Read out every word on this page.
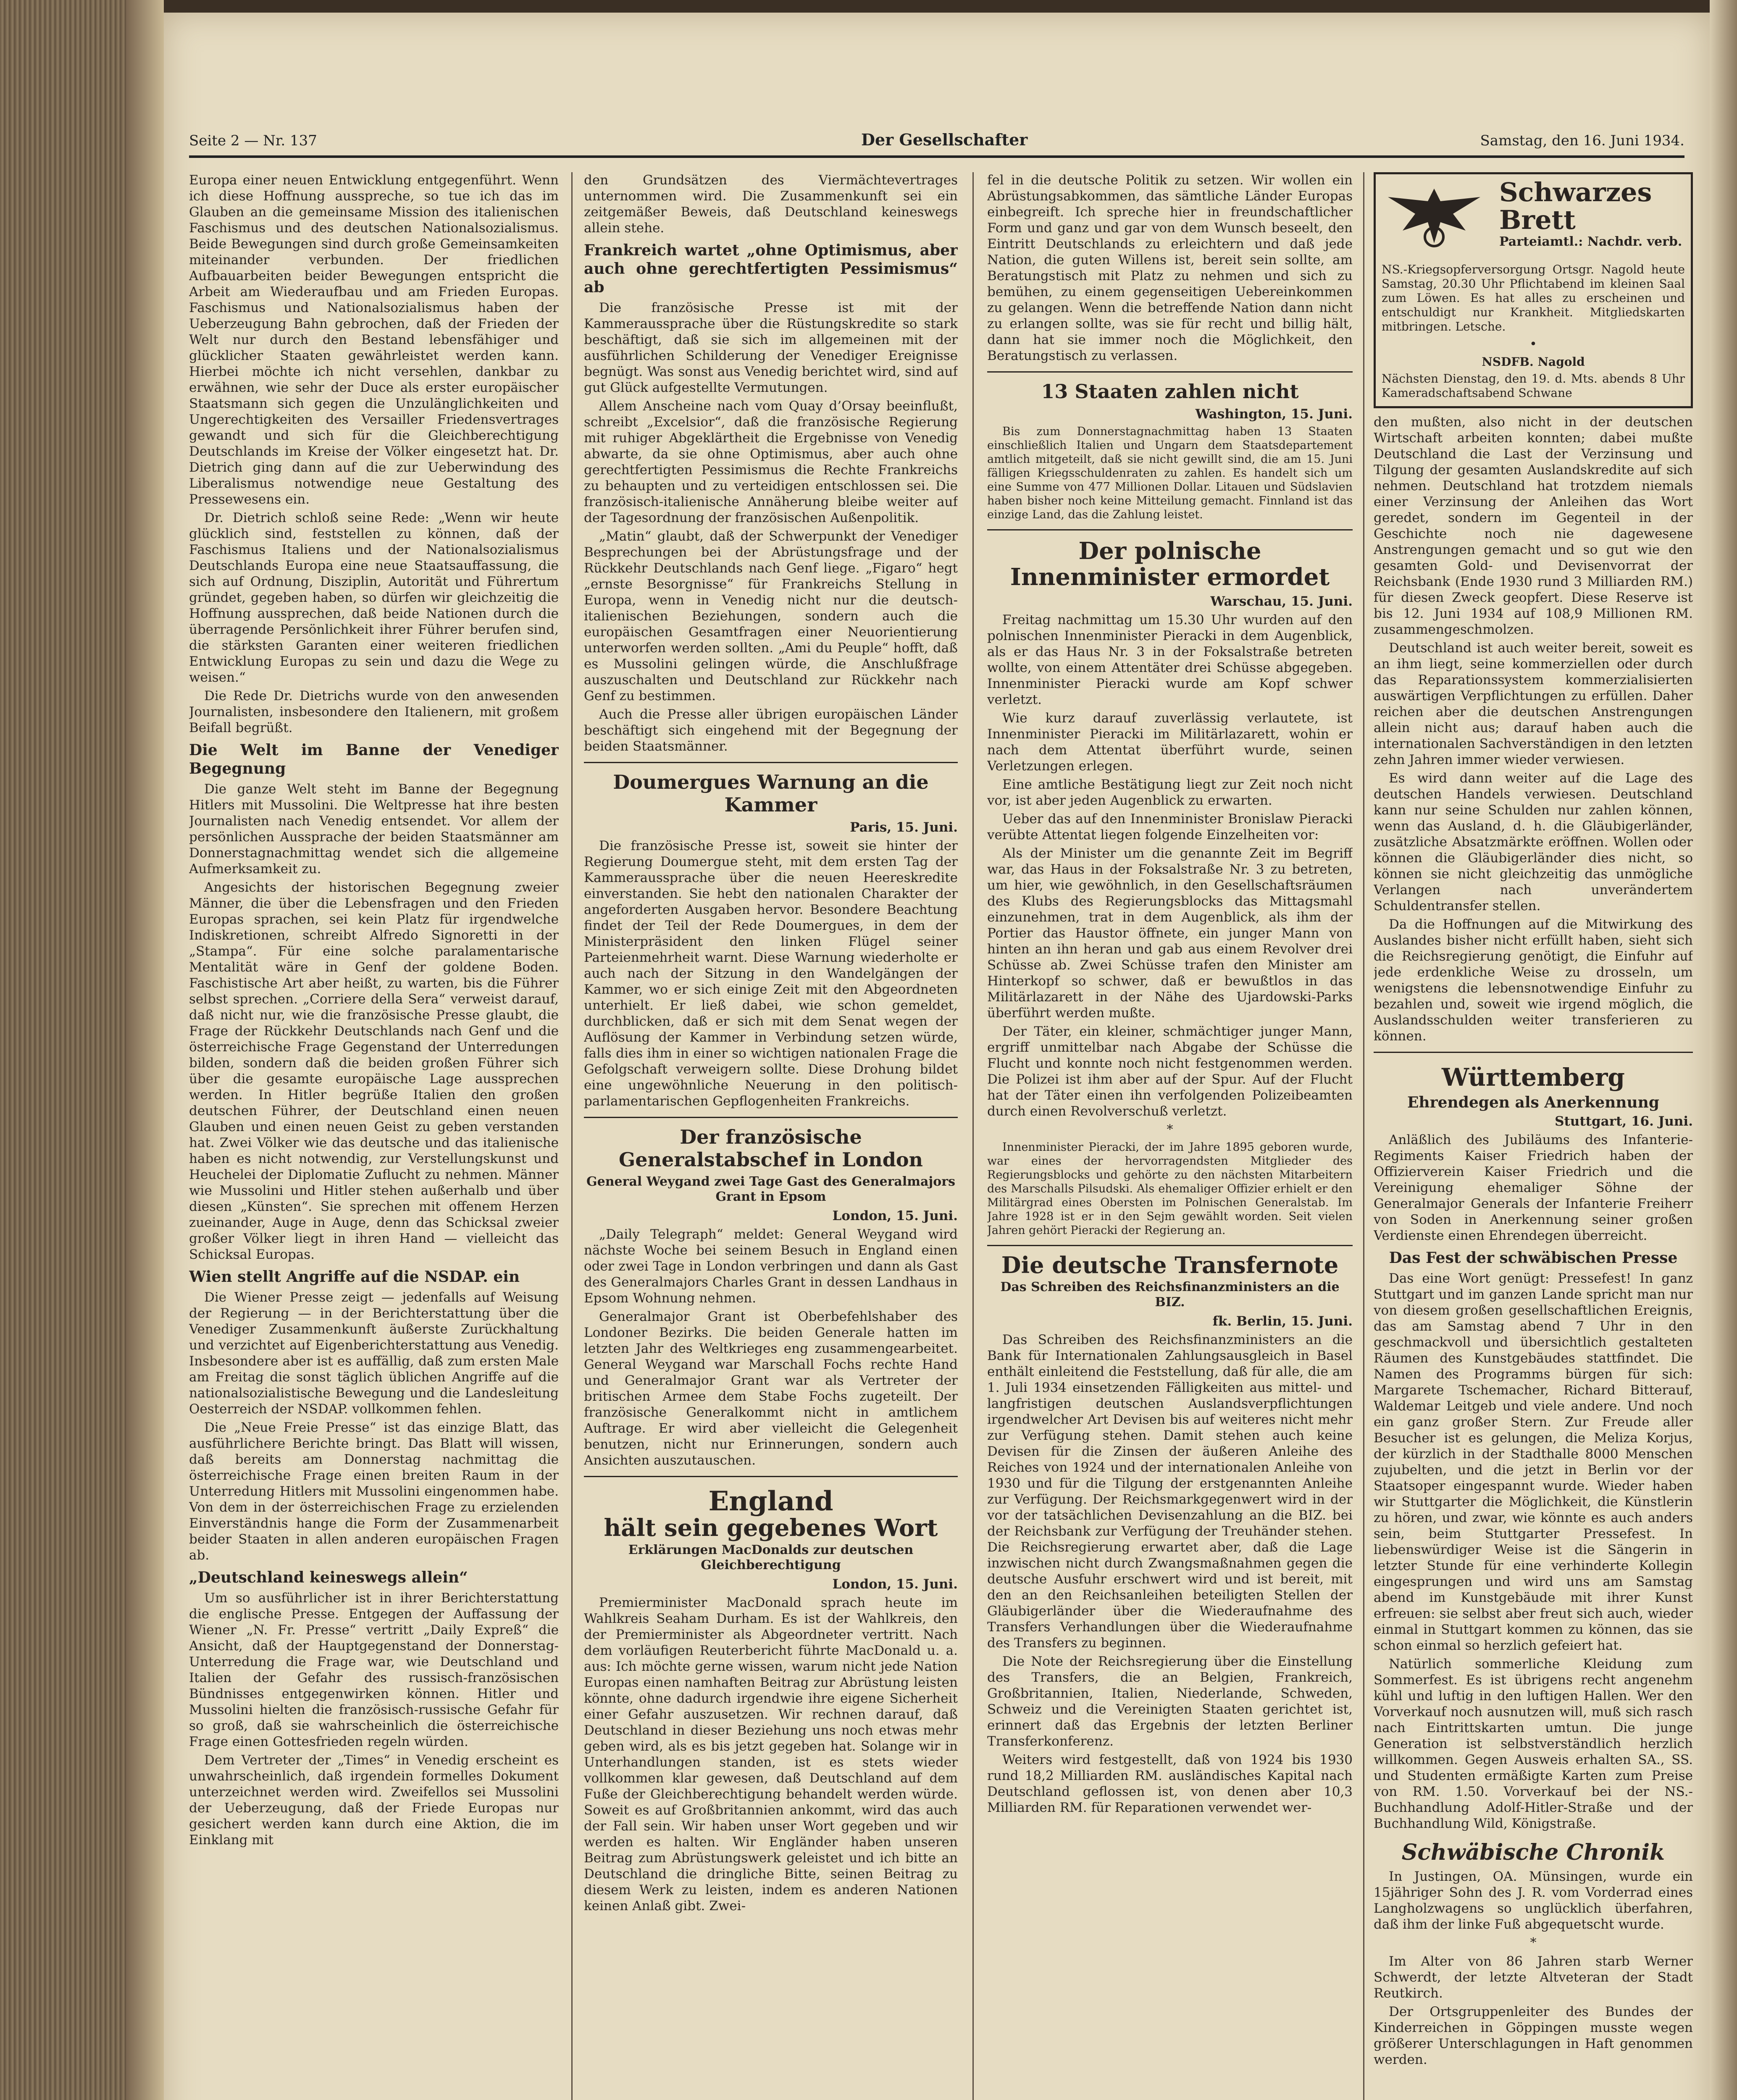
Seite 2 — Nr. 137	Der Gesellschafter	Samstag, den 16. Juni 1934.

Europa einer neuen Entwicklung entgegenführt. Wenn ich diese Hoffnung ausspreche, so tue ich das im Glauben an die gemeinsame Mission des italienischen Faschismus und des deutschen Nationalsozialismus. Beide Bewegungen sind durch große Gemeinsamkeiten miteinander verbunden. Der friedlichen Aufbauarbeiten beider Bewegungen entspricht die Arbeit am Wiederaufbau und am Frieden Europas. Faschismus und Nationalsozialismus haben der Ueberzeugung Bahn gebrochen, daß der Frieden der Welt nur durch den Bestand lebensfähiger und glücklicher Staaten gewährleistet werden kann. Hierbei möchte ich nicht versehlen, dankbar zu erwähnen, wie sehr der Duce als erster europäischer Staatsmann sich gegen die Unzulänglichkeiten und Ungerechtigkeiten des Versailler Friedensvertrages gewandt und sich für die Gleichberechtigung Deutschlands im Kreise der Völker eingesetzt hat. Dr. Dietrich ging dann auf die zur Ueberwindung des Liberalismus notwendige neue Gestaltung des Pressewesens ein.

Dr. Dietrich schloß seine Rede: „Wenn wir heute glücklich sind, feststellen zu können, daß der Faschismus Italiens und der Nationalsozialismus Deutschlands Europa eine neue Staatsauffassung, die sich auf Ordnung, Disziplin, Autorität und Führertum gründet, gegeben haben, so dürfen wir gleichzeitig die Hoffnung aussprechen, daß beide Nationen durch die überragende Persönlichkeit ihrer Führer berufen sind, die stärksten Garanten einer weiteren friedlichen Entwicklung Europas zu sein und dazu die Wege zu weisen.“

Die Rede Dr. Dietrichs wurde von den anwesenden Journalisten, insbesondere den Italienern, mit großem Beifall begrüßt.

Die Welt im Banne der Venediger Begegnung

Die ganze Welt steht im Banne der Begegnung Hitlers mit Mussolini. Die Weltpresse hat ihre besten Journalisten nach Venedig entsendet. Vor allem der persönlichen Aussprache der beiden Staatsmänner am Donnerstagnachmittag wendet sich die allgemeine Aufmerksamkeit zu.

Angesichts der historischen Begegnung zweier Männer, die über die Lebensfragen und den Frieden Europas sprachen, sei kein Platz für irgendwelche Indiskretionen, schreibt Alfredo Signoretti in der „Stampa“. Für eine solche paralamentarische Mentalität wäre in Genf der goldene Boden. Faschistische Art aber heißt, zu warten, bis die Führer selbst sprechen. „Corriere della Sera“ verweist darauf, daß nicht nur, wie die französische Presse glaubt, die Frage der Rückkehr Deutschlands nach Genf und die österreichische Frage Gegenstand der Unterredungen bilden, sondern daß die beiden großen Führer sich über die gesamte europäische Lage aussprechen werden. In Hitler begrüße Italien den großen deutschen Führer, der Deutschland einen neuen Glauben und einen neuen Geist zu geben verstanden hat. Zwei Völker wie das deutsche und das italienische haben es nicht notwendig, zur Verstellungskunst und Heuchelei der Diplomatie Zuflucht zu nehmen. Männer wie Mussolini und Hitler stehen außerhalb und über diesen „Künsten“. Sie sprechen mit offenem Herzen zueinander, Auge in Auge, denn das Schicksal zweier großer Völker liegt in ihren Hand — vielleicht das Schicksal Europas.

Wien stellt Angriffe auf die NSDAP. ein

Die Wiener Presse zeigt — jedenfalls auf Weisung der Regierung — in der Berichterstattung über die Venediger Zusammenkunft äußerste Zurückhaltung und verzichtet auf Eigenberichterstattung aus Venedig. Insbesondere aber ist es auffällig, daß zum ersten Male am Freitag die sonst täglich üblichen Angriffe auf die nationalsozialistische Bewegung und die Landesleitung Oesterreich der NSDAP. vollkommen fehlen.

Die „Neue Freie Presse“ ist das einzige Blatt, das ausführlichere Berichte bringt. Das Blatt will wissen, daß bereits am Donnerstag nachmittag die österreichische Frage einen breiten Raum in der Unterredung Hitlers mit Mussolini eingenommen habe. Von dem in der österreichischen Frage zu erzielenden Einverständnis hange die Form der Zusammenarbeit beider Staaten in allen anderen europäischen Fragen ab.

„Deutschland keineswegs allein“

Um so ausführlicher ist in ihrer Berichterstattung die englische Presse. Entgegen der Auffassung der Wiener „N. Fr. Presse“ vertritt „Daily Expreß“ die Ansicht, daß der Hauptgegenstand der Donnerstag-Unterredung die Frage war, wie Deutschland und Italien der Gefahr des russisch-französischen Bündnisses entgegenwirken können. Hitler und Mussolini hielten die französisch-russische Gefahr für so groß, daß sie wahrscheinlich die österreichische Frage einen Gottesfrieden regeln würden.

Dem Vertreter der „Times“ in Venedig erscheint es unwahrscheinlich, daß irgendein formelles Dokument unterzeichnet werden wird. Zweifellos sei Mussolini der Ueberzeugung, daß der Friede Europas nur gesichert werden kann durch eine Aktion, die im Einklang mit

den Grundsätzen des Viermächtevertrages unternommen wird. Die Zusammenkunft sei ein zeitgemäßer Beweis, daß Deutschland keineswegs allein stehe.

Frankreich wartet „ohne Optimismus, aber auch ohne gerechtfertigten Pessimismus“ ab

Die französische Presse ist mit der Kammeraussprache über die Rüstungskredite so stark beschäftigt, daß sie sich im allgemeinen mit der ausführlichen Schilderung der Venediger Ereignisse begnügt. Was sonst aus Venedig berichtet wird, sind auf gut Glück aufgestellte Vermutungen.

Allem Anscheine nach vom Quay d’Orsay beeinflußt, schreibt „Excelsior“, daß die französische Regierung mit ruhiger Abgeklärtheit die Ergebnisse von Venedig abwarte, da sie ohne Optimismus, aber auch ohne gerechtfertigten Pessimismus die Rechte Frankreichs zu behaupten und zu verteidigen entschlossen sei. Die französisch-italienische Annäherung bleibe weiter auf der Tagesordnung der französischen Außenpolitik.

„Matin“ glaubt, daß der Schwerpunkt der Venediger Besprechungen bei der Abrüstungsfrage und der Rückkehr Deutschlands nach Genf liege. „Figaro“ hegt „ernste Besorgnisse“ für Frankreichs Stellung in Europa, wenn in Venedig nicht nur die deutsch-italienischen Beziehungen, sondern auch die europäischen Gesamtfragen einer Neuorientierung unterworfen werden sollten. „Ami du Peuple“ hofft, daß es Mussolini gelingen würde, die Anschlußfrage auszuschalten und Deutschland zur Rückkehr nach Genf zu bestimmen.

Auch die Presse aller übrigen europäischen Länder beschäftigt sich eingehend mit der Begegnung der beiden Staatsmänner.

Doumergues Warnung an die Kammer
Paris, 15. Juni.

Die französische Presse ist, soweit sie hinter der Regierung Doumergue steht, mit dem ersten Tag der Kammeraussprache über die neuen Heereskredite einverstanden. Sie hebt den nationalen Charakter der angeforderten Ausgaben hervor. Besondere Beachtung findet der Teil der Rede Doumergues, in dem der Ministerpräsident den linken Flügel seiner Parteienmehrheit warnt. Diese Warnung wiederholte er auch nach der Sitzung in den Wandelgängen der Kammer, wo er sich einige Zeit mit den Abgeordneten unterhielt. Er ließ dabei, wie schon gemeldet, durchblicken, daß er sich mit dem Senat wegen der Auflösung der Kammer in Verbindung setzen würde, falls dies ihm in einer so wichtigen nationalen Frage die Gefolgschaft verweigern sollte. Diese Drohung bildet eine ungewöhnliche Neuerung in den politisch-parlamentarischen Gepflogenheiten Frankreichs.

Der französische Generalstabschef in London
General Weygand zwei Tage Gast des Generalmajors Grant in Epsom
London, 15. Juni.

„Daily Telegraph“ meldet: General Weygand wird nächste Woche bei seinem Besuch in England einen oder zwei Tage in London verbringen und dann als Gast des Generalmajors Charles Grant in dessen Landhaus in Epsom Wohnung nehmen.

Generalmajor Grant ist Oberbefehlshaber des Londoner Bezirks. Die beiden Generale hatten im letzten Jahr des Weltkrieges eng zusammengearbeitet. General Weygand war Marschall Fochs rechte Hand und Generalmajor Grant war als Vertreter der britischen Armee dem Stabe Fochs zugeteilt. Der französische Generalkommt nicht in amtlichem Auftrage. Er wird aber vielleicht die Gelegenheit benutzen, nicht nur Erinnerungen, sondern auch Ansichten auszutauschen.

England
hält sein gegebenes Wort
Erklärungen MacDonalds zur deutschen Gleichberechtigung
London, 15. Juni.

Premierminister MacDonald sprach heute im Wahlkreis Seaham Durham. Es ist der Wahlkreis, den der Premierminister als Abgeordneter vertritt. Nach dem vorläufigen Reuterbericht führte MacDonald u. a. aus: Ich möchte gerne wissen, warum nicht jede Nation Europas einen namhaften Beitrag zur Abrüstung leisten könnte, ohne dadurch irgendwie ihre eigene Sicherheit einer Gefahr auszusetzen. Wir rechnen darauf, daß Deutschland in dieser Beziehung uns noch etwas mehr geben wird, als es bis jetzt gegeben hat. Solange wir in Unterhandlungen standen, ist es stets wieder vollkommen klar gewesen, daß Deutschland auf dem Fuße der Gleichberechtigung behandelt werden würde. Soweit es auf Großbritannien ankommt, wird das auch der Fall sein. Wir haben unser Wort gegeben und wir werden es halten. Wir Engländer haben unseren Beitrag zum Abrüstungswerk geleistet und ich bitte an Deutschland die dringliche Bitte, seinen Beitrag zu diesem Werk zu leisten, indem es anderen Nationen keinen Anlaß gibt. Zwei-

fel in die deutsche Politik zu setzen. Wir wollen ein Abrüstungsabkommen, das sämtliche Länder Europas einbegreift. Ich spreche hier in freundschaftlicher Form und ganz und gar von dem Wunsch beseelt, den Eintritt Deutschlands zu erleichtern und daß jede Nation, die guten Willens ist, bereit sein sollte, am Beratungstisch mit Platz zu nehmen und sich zu bemühen, zu einem gegenseitigen Uebereinkommen zu gelangen. Wenn die betreffende Nation dann nicht zu erlangen sollte, was sie für recht und billig hält, dann hat sie immer noch die Möglichkeit, den Beratungstisch zu verlassen.

13 Staaten zahlen nicht
Washington, 15. Juni.

Bis zum Donnerstagnachmittag haben 13 Staaten einschließlich Italien und Ungarn dem Staatsdepartement amtlich mitgeteilt, daß sie nicht gewillt sind, die am 15. Juni fälligen Kriegsschuldenraten zu zahlen. Es handelt sich um eine Summe von 477 Millionen Dollar. Litauen und Südslavien haben bisher noch keine Mitteilung gemacht. Finnland ist das einzige Land, das die Zahlung leistet.

Der polnische Innenminister ermordet
Warschau, 15. Juni.

Freitag nachmittag um 15.30 Uhr wurden auf den polnischen Innenminister Pieracki in dem Augenblick, als er das Haus Nr. 3 in der Foksalstraße betreten wollte, von einem Attentäter drei Schüsse abgegeben. Innenminister Pieracki wurde am Kopf schwer verletzt.

Wie kurz darauf zuverlässig verlautete, ist Innenminister Pieracki im Militärlazarett, wohin er nach dem Attentat überführt wurde, seinen Verletzungen erlegen.

Eine amtliche Bestätigung liegt zur Zeit noch nicht vor, ist aber jeden Augenblick zu erwarten.

Ueber das auf den Innenminister Bronislaw Pieracki verübte Attentat liegen folgende Einzelheiten vor:

Als der Minister um die genannte Zeit im Begriff war, das Haus in der Foksalstraße Nr. 3 zu betreten, um hier, wie gewöhnlich, in den Gesellschaftsräumen des Klubs des Regierungsblocks das Mittagsmahl einzunehmen, trat in dem Augenblick, als ihm der Portier das Haustor öffnete, ein junger Mann von hinten an ihn heran und gab aus einem Revolver drei Schüsse ab. Zwei Schüsse trafen den Minister am Hinterkopf so schwer, daß er bewußtlos in das Militärlazarett in der Nähe des Ujardowski-Parks überführt werden mußte.

Der Täter, ein kleiner, schmächtiger junger Mann, ergriff unmittelbar nach Abgabe der Schüsse die Flucht und konnte noch nicht festgenommen werden. Die Polizei ist ihm aber auf der Spur. Auf der Flucht hat der Täter einen ihn verfolgenden Polizeibeamten durch einen Revolverschuß verletzt.

*

Innenminister Pieracki, der im Jahre 1895 geboren wurde, war eines der hervorragendsten Mitglieder des Regierungsblocks und gehörte zu den nächsten Mitarbeitern des Marschalls Pilsudski. Als ehemaliger Offizier erhielt er den Militärgrad eines Obersten im Polnischen Generalstab. Im Jahre 1928 ist er in den Sejm gewählt worden. Seit vielen Jahren gehört Pieracki der Regierung an.

Die deutsche Transfernote
Das Schreiben des Reichsfinanzministers an die BIZ.
fk. Berlin, 15. Juni.

Das Schreiben des Reichsfinanzministers an die Bank für Internationalen Zahlungsausgleich in Basel enthält einleitend die Feststellung, daß für alle, die am 1. Juli 1934 einsetzenden Fälligkeiten aus mittel- und langfristigen deutschen Auslandsverpflichtungen irgendwelcher Art Devisen bis auf weiteres nicht mehr zur Verfügung stehen. Damit stehen auch keine Devisen für die Zinsen der äußeren Anleihe des Reiches von 1924 und der internationalen Anleihe von 1930 und für die Tilgung der erstgenannten Anleihe zur Verfügung. Der Reichsmarkgegenwert wird in der vor der tatsächlichen Devisenzahlung an die BIZ. bei der Reichsbank zur Verfügung der Treuhänder stehen. Die Reichsregierung erwartet aber, daß die Lage inzwischen nicht durch Zwangsmaßnahmen gegen die deutsche Ausfuhr erschwert wird und ist bereit, mit den an den Reichsanleihen beteiligten Stellen der Gläubigerländer über die Wiederaufnahme des Transfers Verhandlungen über die Wiederaufnahme des Transfers zu beginnen.

Die Note der Reichsregierung über die Einstellung des Transfers, die an Belgien, Frankreich, Großbritannien, Italien, Niederlande, Schweden, Schweiz und die Vereinigten Staaten gerichtet ist, erinnert daß das Ergebnis der letzten Berliner Transferkonferenz.

Weiters wird festgestellt, daß von 1924 bis 1930 rund 18,2 Milliarden RM. ausländisches Kapital nach Deutschland geflossen ist, von denen aber 10,3 Milliarden RM. für Reparationen verwendet wer-

Schwarzes Brett
Parteiamtl.: Nachdr. verb.
NS.-Kriegsopferversorgung Ortsgr. Nagold heute Samstag, 20.30 Uhr Pflichtabend im kleinen Saal zum Löwen. Es hat alles zu erscheinen und entschuldigt nur Krankheit. Mitgliedskarten mitbringen. Letsche.
•
NSDFB. Nagold
Nächsten Dienstag, den 19. d. Mts. abends 8 Uhr Kameradschaftsabend Schwane

den mußten, also nicht in der deutschen Wirtschaft arbeiten konnten; dabei mußte Deutschland die Last der Verzinsung und Tilgung der gesamten Auslandskredite auf sich nehmen. Deutschland hat trotzdem niemals einer Verzinsung der Anleihen das Wort geredet, sondern im Gegenteil in der Geschichte noch nie dagewesene Anstrengungen gemacht und so gut wie den gesamten Gold- und Devisenvorrat der Reichsbank (Ende 1930 rund 3 Milliarden RM.) für diesen Zweck geopfert. Diese Reserve ist bis 12. Juni 1934 auf 108,9 Millionen RM. zusammengeschmolzen.

Deutschland ist auch weiter bereit, soweit es an ihm liegt, seine kommerziellen oder durch das Reparationssystem kommerzialisierten auswärtigen Verpflichtungen zu erfüllen. Daher reichen aber die deutschen Anstrengungen allein nicht aus; darauf haben auch die internationalen Sachverständigen in den letzten zehn Jahren immer wieder verwiesen.

Es wird dann weiter auf die Lage des deutschen Handels verwiesen. Deutschland kann nur seine Schulden nur zahlen können, wenn das Ausland, d. h. die Gläubigerländer, zusätzliche Absatzmärkte eröffnen. Wollen oder können die Gläubigerländer dies nicht, so können sie nicht gleichzeitig das unmögliche Verlangen nach unverändertem Schuldentransfer stellen.

Da die Hoffnungen auf die Mitwirkung des Auslandes bisher nicht erfüllt haben, sieht sich die Reichsregierung genötigt, die Einfuhr auf jede erdenkliche Weise zu drosseln, um wenigstens die lebensnotwendige Einfuhr zu bezahlen und, soweit wie irgend möglich, die Auslandsschulden weiter transferieren zu können.

Württemberg
Ehrendegen als Anerkennung
Stuttgart, 16. Juni.

Anläßlich des Jubiläums des Infanterie-Regiments Kaiser Friedrich haben der Offizierverein Kaiser Friedrich und die Vereinigung ehemaliger Söhne der Generalmajor Generals der Infanterie Freiherr von Soden in Anerkennung seiner großen Verdienste einen Ehrendegen überreicht.

Das Fest der schwäbischen Presse

Das eine Wort genügt: Pressefest! In ganz Stuttgart und im ganzen Lande spricht man nur von diesem großen gesellschaftlichen Ereignis, das am Samstag abend 7 Uhr in den geschmackvoll und übersichtlich gestalteten Räumen des Kunstgebäudes stattfindet. Die Namen des Programms bürgen für sich: Margarete Tschemacher, Richard Bitterauf, Waldemar Leitgeb und viele andere. Und noch ein ganz großer Stern. Zur Freude aller Besucher ist es gelungen, die Meliza Korjus, der kürzlich in der Stadthalle 8000 Menschen zujubelten, und die jetzt in Berlin vor der Staatsoper eingespannt wurde. Wieder haben wir Stuttgarter die Möglichkeit, die Künstlerin zu hören, und zwar, wie könnte es auch anders sein, beim Stuttgarter Pressefest. In liebenswürdiger Weise ist die Sängerin in letzter Stunde für eine verhinderte Kollegin eingesprungen und wird uns am Samstag abend im Kunstgebäude mit ihrer Kunst erfreuen: sie selbst aber freut sich auch, wieder einmal in Stuttgart kommen zu können, das sie schon einmal so herzlich gefeiert hat.

Natürlich sommerliche Kleidung zum Sommerfest. Es ist übrigens recht angenehm kühl und luftig in den luftigen Hallen. Wer den Vorverkauf noch ausnutzen will, muß sich rasch nach Eintrittskarten umtun. Die junge Generation ist selbstverständlich herzlich willkommen. Gegen Ausweis erhalten SA., SS. und Studenten ermäßigte Karten zum Preise von RM. 1.50. Vorverkauf bei der NS.-Buchhandlung Adolf-Hitler-Straße und der Buchhandlung Wild, Königstraße.

Schwäbische Chronik

In Justingen, OA. Münsingen, wurde ein 15jähriger Sohn des J. R. vom Vorderrad eines Langholzwagens so unglücklich überfahren, daß ihm der linke Fuß abgequetscht wurde.

*

Im Alter von 86 Jahren starb Werner Schwerdt, der letzte Altveteran der Stadt Reutkirch.

Der Ortsgruppenleiter des Bundes der Kinderreichen in Göppingen musste wegen größerer Unterschlagungen in Haft genommen werden.
